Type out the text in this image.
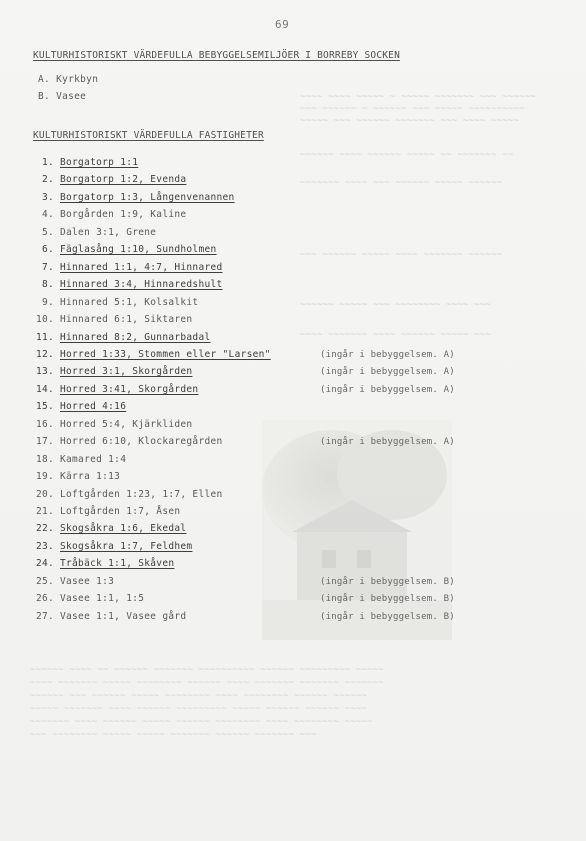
~~~~ ~~~~ ~~~~~ ~ ~~~~~ ~~~~~~~ ~~~ ~~~~~~
~~~ ~~~~~~ ~ ~~~~~~ ~~~ ~~~~~ ~~~~~~~~~~
~~~~~ ~~~ ~~~~~~ ~~~~~~~ ~~~ ~~~~ ~~~~~
~~~~~~ ~~~~ ~~~~~~ ~~~~~ ~~ ~~~~~~~ ~~
~~~~~~~ ~~~~ ~~~ ~~~~~~ ~~~~~ ~~~~~~
~~~ ~~~~~~ ~~~~~ ~~~~ ~~~~~~~ ~~~~~~
~~~~~~ ~~~~~ ~~~ ~~~~~~~~ ~~~~ ~~~
~~~~ ~~~~~~~ ~~~~ ~~~~~~ ~~~~~ ~~~
~~~~~~ ~~~~ ~~ ~~~~~~ ~~~~~~~ ~~~~~~~~~~ ~~~~~~ ~~~~~~~~~ ~~~~~
~~~~ ~~~~~~~ ~~~~~ ~~~~~~~~ ~~~~~~ ~~~~ ~~~~~~~ ~~~~~~~ ~~~~~~~
~~~~~~ ~~~ ~~~~~~ ~~~~~ ~~~~~~~~ ~~~~ ~~~~~~~~ ~~~~~~ ~~~~~~
~~~~~ ~~~~~~~ ~~~~ ~~~~~~ ~~~~~~~~~ ~~~~~ ~~~~~~ ~~~~~~ ~~~~
~~~~~~~ ~~~~ ~~~~~~ ~~~~~ ~~~~~~ ~~~~~~~~ ~~~~ ~~~~~~~~ ~~~~~
~~~ ~~~~~~~~ ~~~~~ ~~~~~ ~~~~~~~ ~~~~~~ ~~~~~~~ ~~~
69
KULTURHISTORISKT VÄRDEFULLA BEBYGGELSEMILJÖER I BORREBY SOCKEN
A. Kyrkbyn
B. Vasee
KULTURHISTORISKT VÄRDEFULLA FASTIGHETER
1. Borgatorp 1:1
2. Borgatorp 1:2, Evenda
3. Borgatorp 1:3, Långenvenannen
4. Borgården 1:9, Kaline
5. Dalen 3:1, Grene
6. Fäglasång 1:10, Sundholmen
7. Hinnared 1:1, 4:7, Hinnared
8. Hinnared 3:4, Hinnaredshult
9. Hinnared 5:1, Kolsalkit
10. Hinnared 6:1, Siktaren
11. Hinnared 8:2, Gunnarbadal
12. Horred 1:33, Stommen eller "Larsen"
13. Horred 3:1, Skorgården
14. Horred 3:41, Skorgården
15. Horred 4:16
16. Horred 5:4, Kjärkliden
17. Horred 6:10, Klockaregården
18. Kamared 1:4
19. Kärra 1:13
20. Loftgården 1:23, 1:7, Ellen
21. Loftgården 1:7, Åsen
22. Skogsåkra 1:6, Ekedal
23. Skogsåkra 1:7, Feldhem
24. Tråbäck 1:1, Skåven
25. Vasee 1:3
26. Vasee 1:1, 1:5
27. Vasee 1:1, Vasee gård
(ingår i bebyggelsem. A)
(ingår i bebyggelsem. A)
(ingår i bebyggelsem. A)
(ingår i bebyggelsem. A)
(ingår i bebyggelsem. B)
(ingår i bebyggelsem. B)
(ingår i bebyggelsem. B)
